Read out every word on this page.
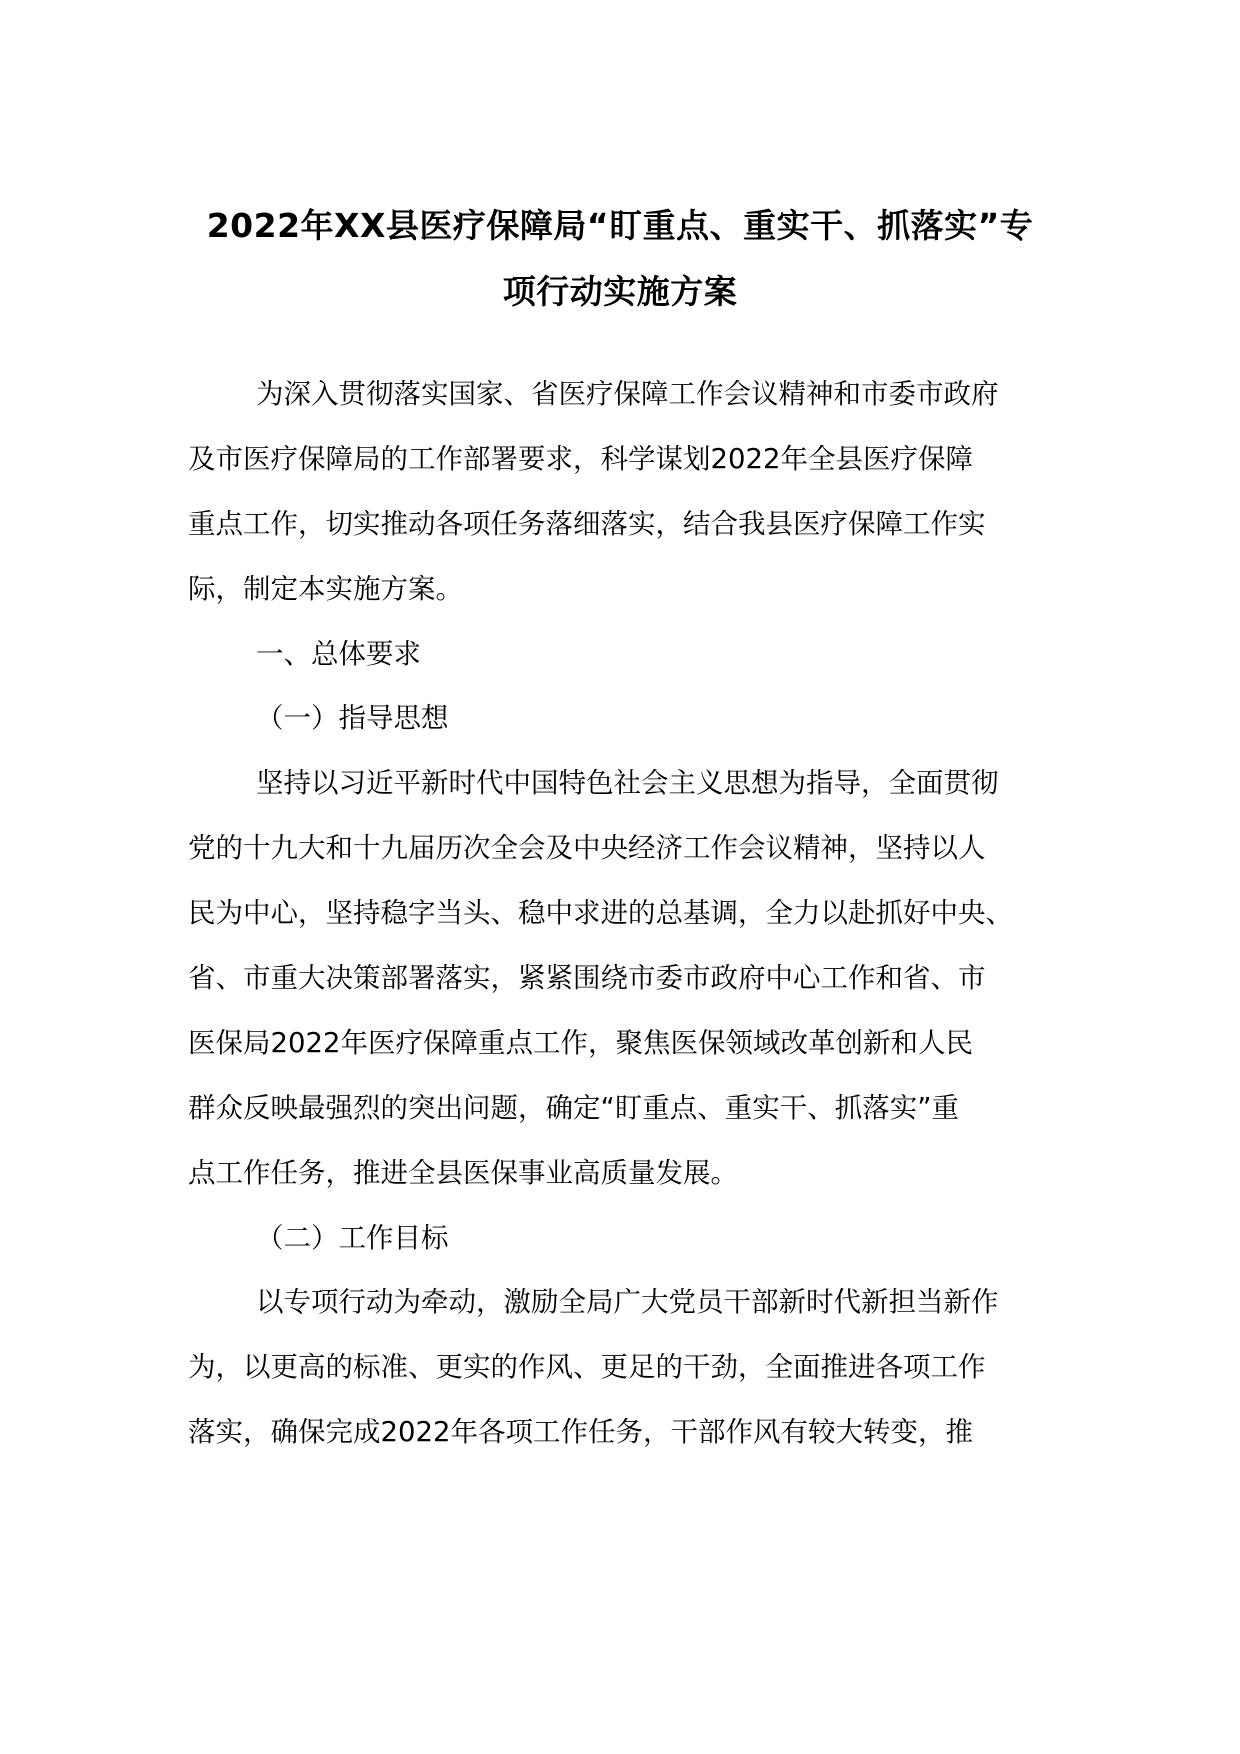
2022年XX县医疗保障局“盯重点、重实干、抓落实”专
项行动实施方案
为深入贯彻落实国家、省医疗保障工作会议精神和市委市政府
及市医疗保障局的工作部署要求，科学谋划2022年全县医疗保障
重点工作，切实推动各项任务落细落实，结合我县医疗保障工作实
际，制定本实施方案。
一、总体要求
（一）指导思想
坚持以习近平新时代中国特色社会主义思想为指导，全面贯彻
党的十九大和十九届历次全会及中央经济工作会议精神，坚持以人
民为中心，坚持稳字当头、稳中求进的总基调，全力以赴抓好中央、
省、市重大决策部署落实，紧紧围绕市委市政府中心工作和省、市
医保局2022年医疗保障重点工作，聚焦医保领域改革创新和人民
群众反映最强烈的突出问题，确定“盯重点、重实干、抓落实”重
点工作任务，推进全县医保事业高质量发展。
（二）工作目标
以专项行动为牵动，激励全局广大党员干部新时代新担当新作
为，以更高的标准、更实的作风、更足的干劲，全面推进各项工作
落实，确保完成2022年各项工作任务，干部作风有较大转变，推
